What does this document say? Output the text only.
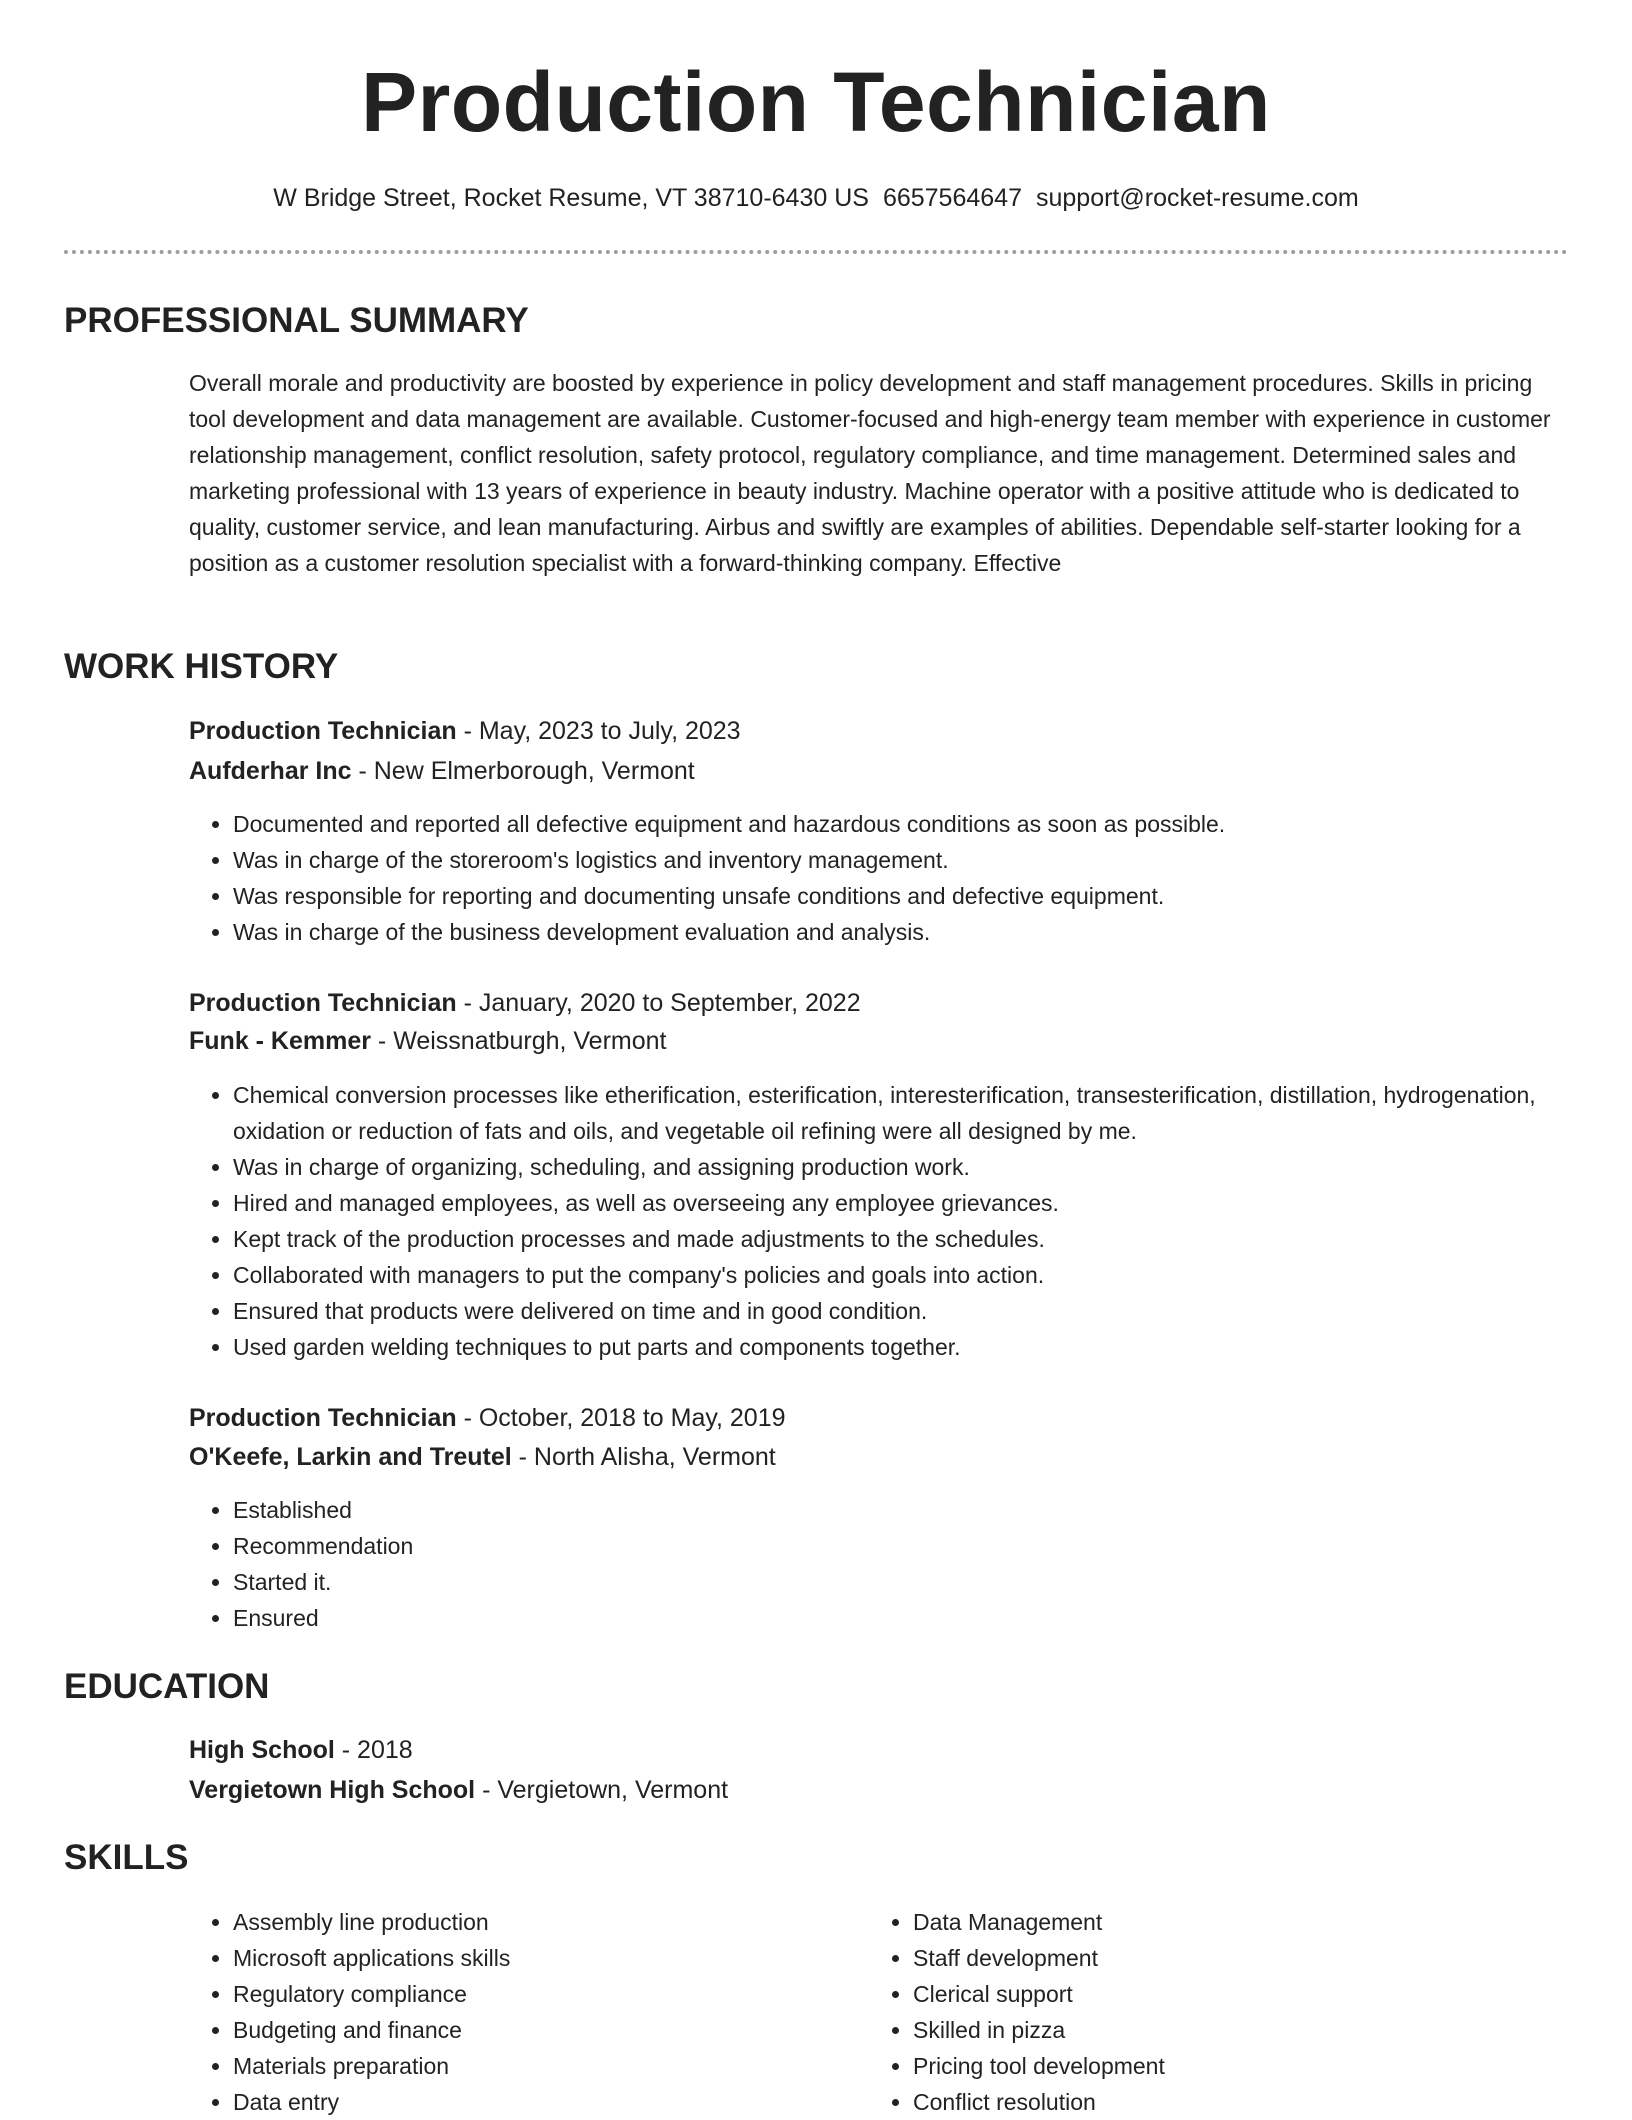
Production Technician
W Bridge Street, Rocket Resume, VT 38710-6430 US 6657564647 support@rocket-resume.com
PROFESSIONAL SUMMARY

Overall morale and productivity are boosted by experience in policy development and staff management procedures. Skills in pricing tool development and data management are available. Customer-focused and high-energy team member with experience in customer relationship management, conflict resolution, safety protocol, regulatory compliance, and time management. Determined sales and marketing professional with 13 years of experience in beauty industry. Machine operator with a positive attitude who is dedicated to quality, customer service, and lean manufacturing. Airbus and swiftly are examples of abilities. Dependable self-starter looking for a position as a customer resolution specialist with a forward-thinking company. Effective

WORK HISTORY
Production Technician - May, 2023 to July, 2023
Aufderhar Inc - New Elmerborough, Vermont
• Documented and reported all defective equipment and hazardous conditions as soon as possible.
• Was in charge of the storeroom's logistics and inventory management.
• Was responsible for reporting and documenting unsafe conditions and defective equipment.
• Was in charge of the business development evaluation and analysis.
Production Technician - January, 2020 to September, 2022
Funk - Kemmer - Weissnatburgh, Vermont
• Chemical conversion processes like etherification, esterification, interesterification, transesterification, distillation, hydrogenation, oxidation or reduction of fats and oils, and vegetable oil refining were all designed by me.
• Was in charge of organizing, scheduling, and assigning production work.
• Hired and managed employees, as well as overseeing any employee grievances.
• Kept track of the production processes and made adjustments to the schedules.
• Collaborated with managers to put the company's policies and goals into action.
• Ensured that products were delivered on time and in good condition.
• Used garden welding techniques to put parts and components together.
Production Technician - October, 2018 to May, 2019
O'Keefe, Larkin and Treutel - North Alisha, Vermont
• Established
• Recommendation
• Started it.
• Ensured
EDUCATION
High School - 2018
Vergietown High School - Vergietown, Vermont
SKILLS
• Assembly line production
• Microsoft applications skills
• Regulatory compliance
• Budgeting and finance
• Materials preparation
• Data entry
• Data Management
• Staff development
• Clerical support
• Skilled in pizza
• Pricing tool development
• Conflict resolution
